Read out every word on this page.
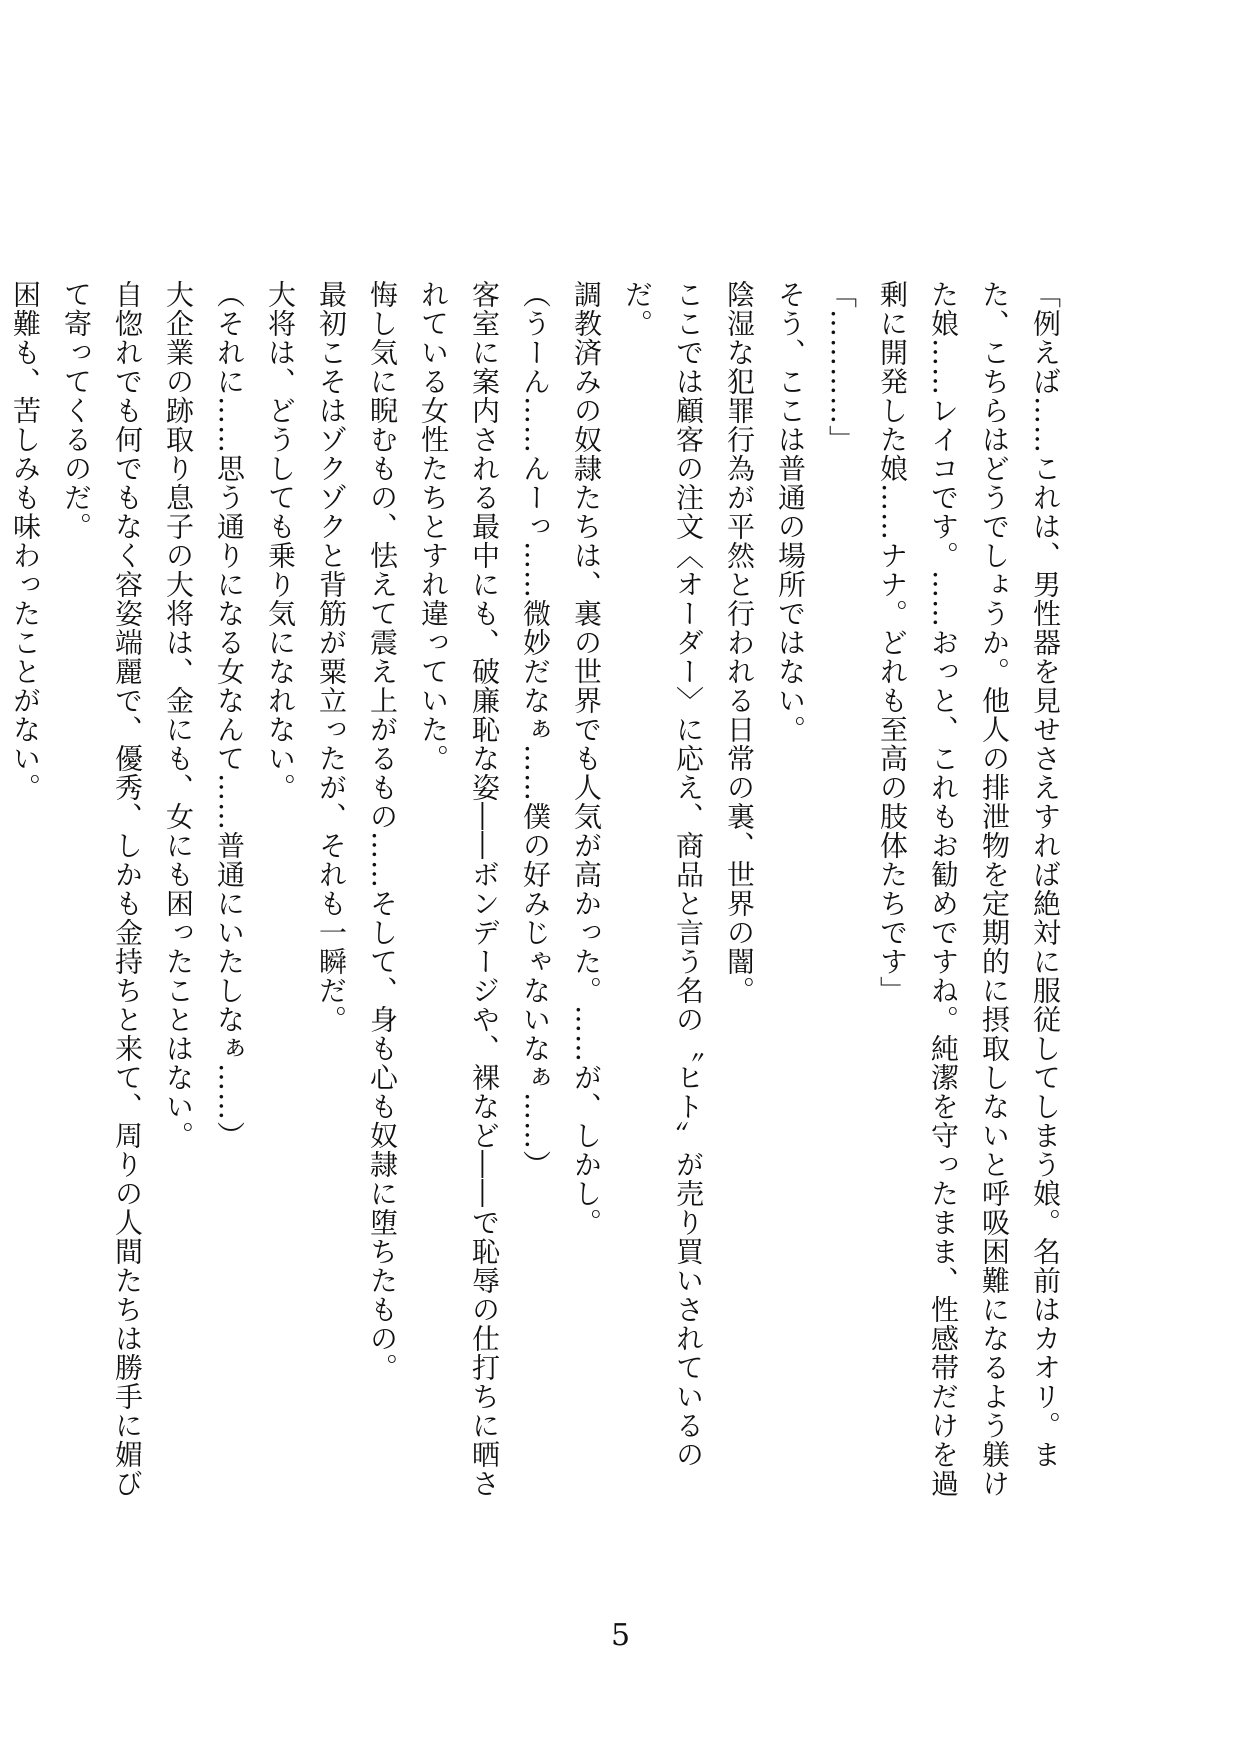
「例えば……これは、男性器を見せさえすれば絶対に服従してしまう娘。名前はカオリ。また、こちらはどうでしょうか。他人の排泄物を定期的に摂取しないと呼吸困難になるよう躾けた娘……レイコです。……おっと、これもお勧めですね。純潔を守ったまま、性感帯だけを過剰に開発した娘……ナナ。どれも至高の肢体たちです」

「…………」

そう、ここは普通の場所ではない。

陰湿な犯罪行為が平然と行われる日常の裏、世界の闇。

ここでは顧客の注文〈オーダー〉に応え、商品と言う名の〝ヒト〟が売り買いされているのだ。

調教済みの奴隷たちは、裏の世界でも人気が高かった。……が、しかし。

（うーん……んーっ……微妙だなぁ……僕の好みじゃないなぁ……）

客室に案内される最中にも、破廉恥な姿――ボンデージや、裸など――で恥辱の仕打ちに晒されている女性たちとすれ違っていた。

悔し気に睨むもの、怯えて震え上がるもの……そして、身も心も奴隷に堕ちたもの。

最初こそはゾクゾクと背筋が粟立ったが、それも一瞬だ。

大将は、どうしても乗り気になれない。

（それに……思う通りになる女なんて……普通にいたしなぁ……）

大企業の跡取り息子の大将は、金にも、女にも困ったことはない。

自惚れでも何でもなく容姿端麗で、優秀、しかも金持ちと来て、周りの人間たちは勝手に媚びて寄ってくるのだ。

困難も、苦しみも味わったことがない。

5
